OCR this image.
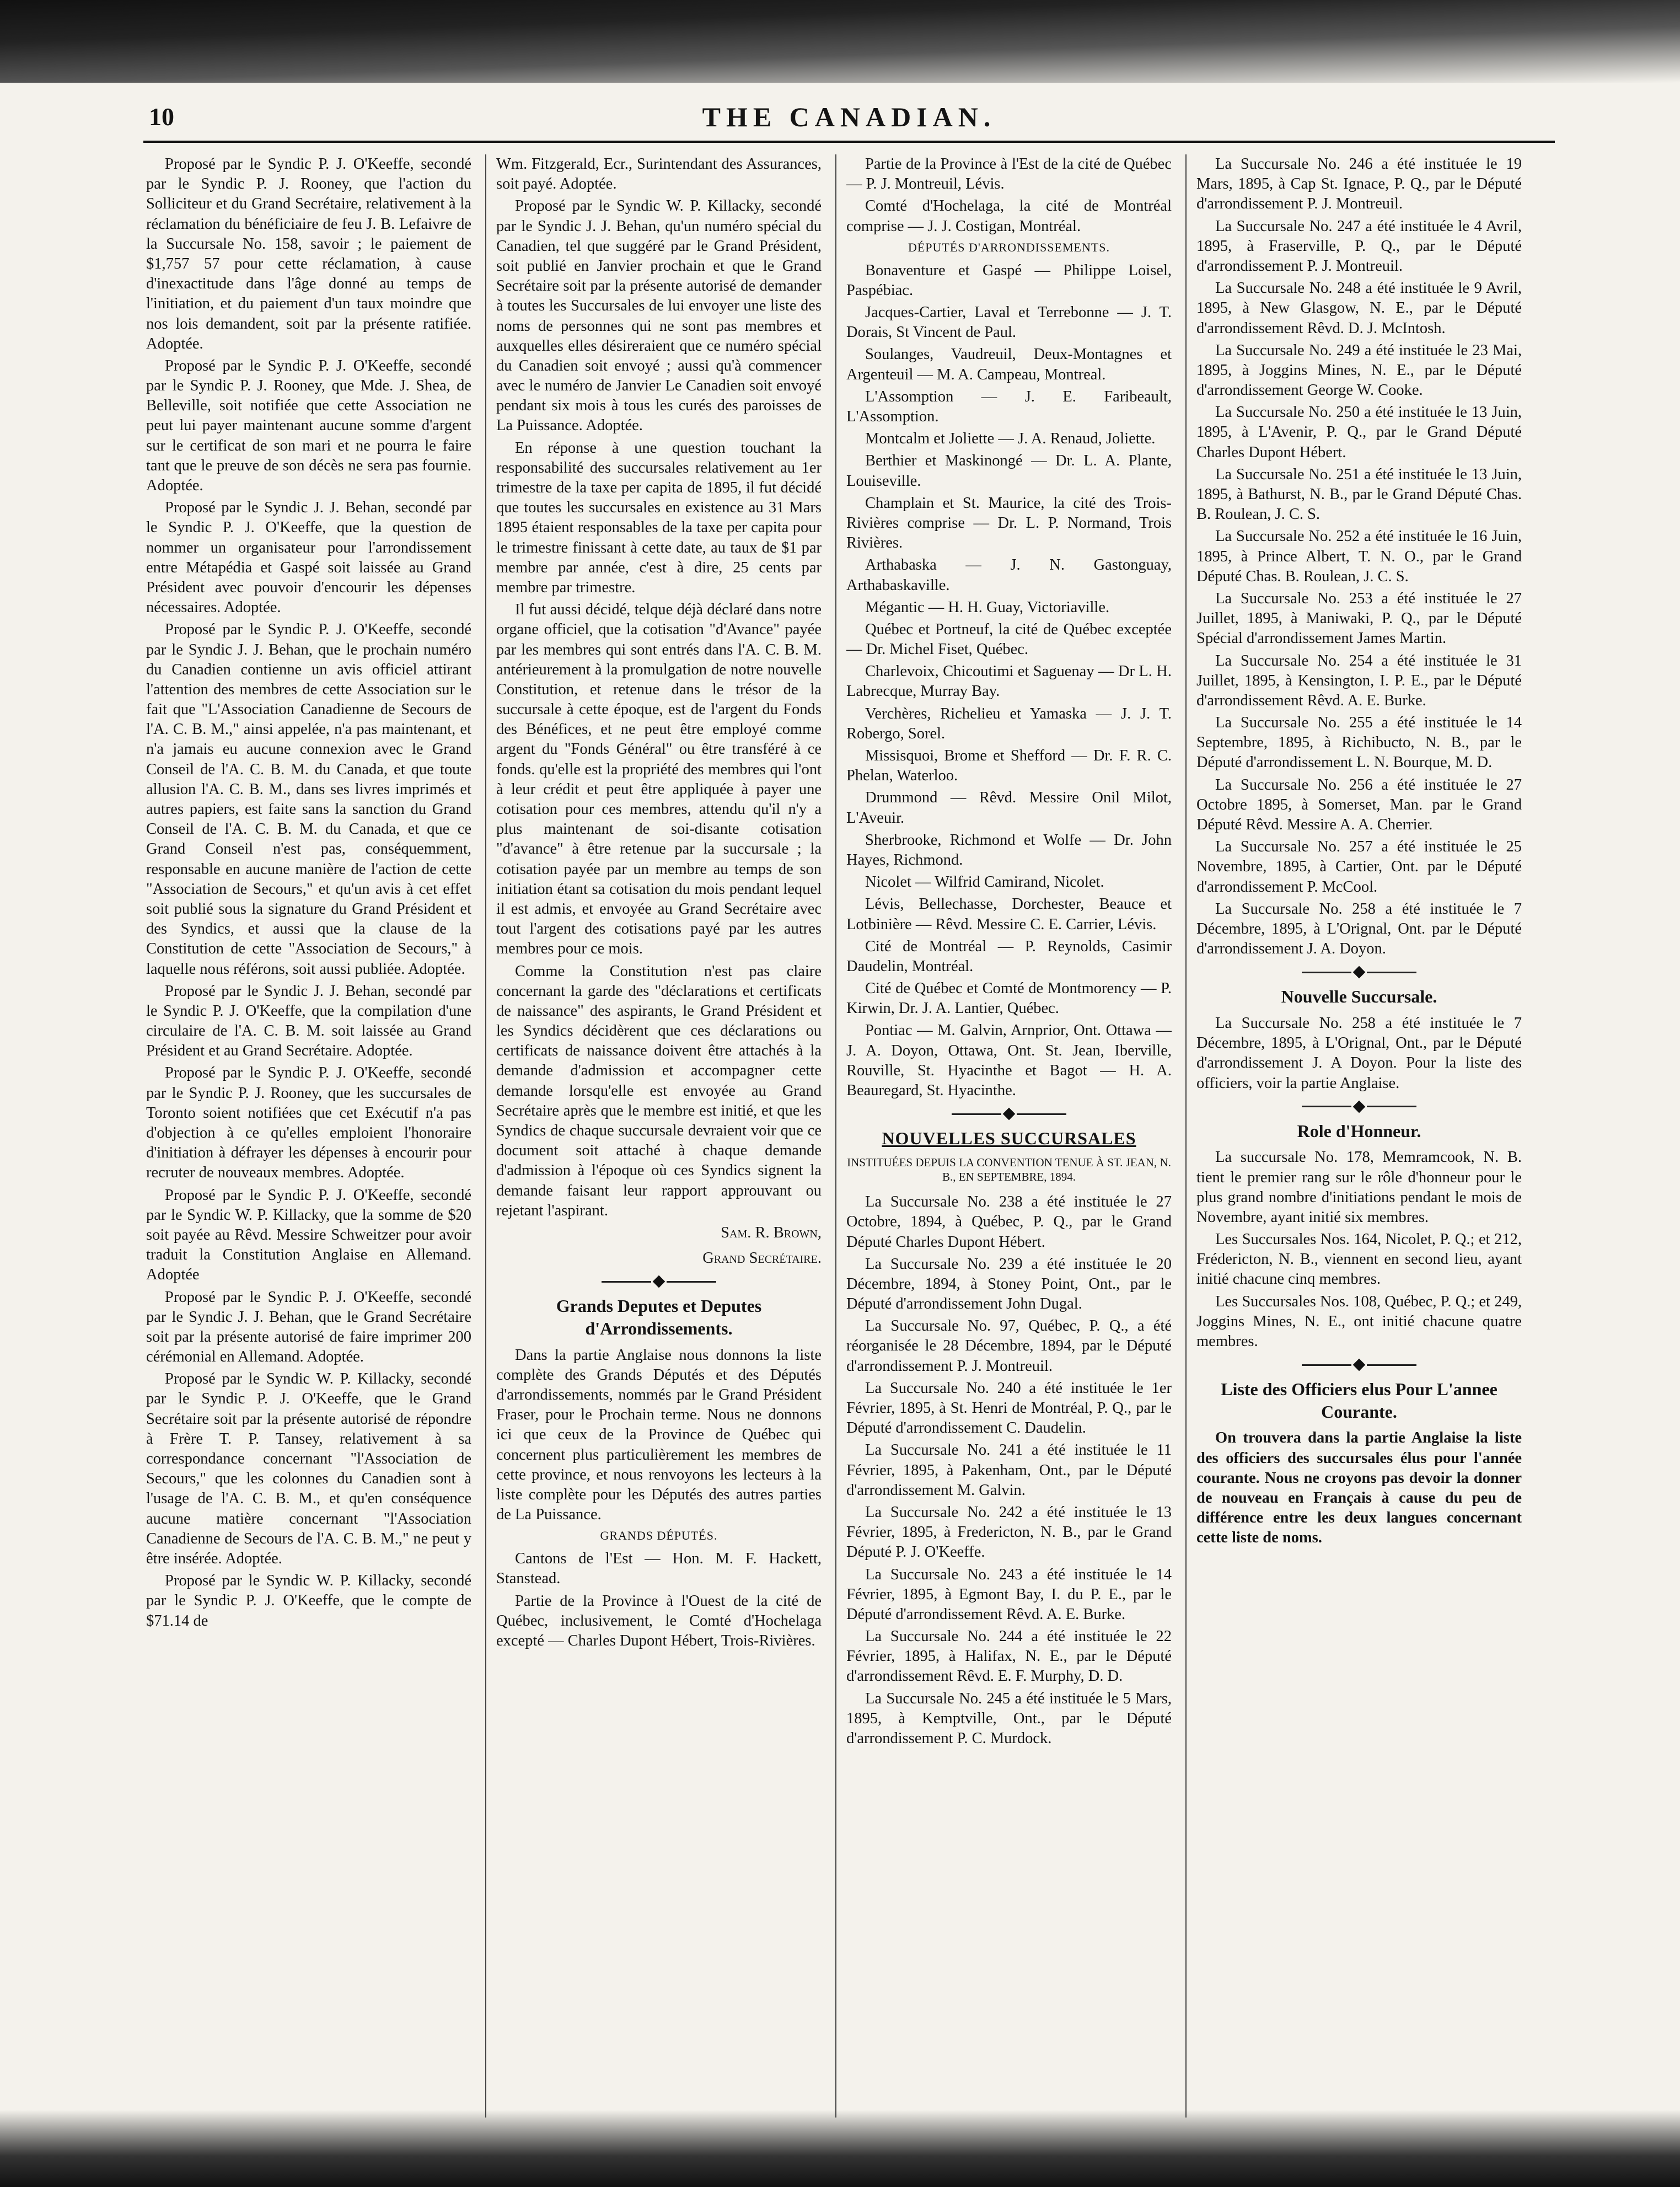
10	THE CANADIAN.

Proposé par le Syndic P. J. O'Keeffe, secondé par le Syndic P. J. Rooney, que l'action du Solliciteur et du Grand Secrétaire, relativement à la réclamation du bénéficiaire de feu J. B. Lefaivre de la Succursale No. 158, savoir ; le paiement de $1,757 57 pour cette réclamation, à cause d'inexactitude dans l'âge donné au temps de l'initiation, et du paiement d'un taux moindre que nos lois demandent, soit par la présente ratifiée. Adoptée.

Proposé par le Syndic P. J. O'Keeffe, secondé par le Syndic P. J. Rooney, que Mde. J. Shea, de Belleville, soit notifiée que cette Association ne peut lui payer maintenant aucune somme d'argent sur le certificat de son mari et ne pourra le faire tant que le preuve de son décès ne sera pas fournie. Adoptée.

Proposé par le Syndic J. J. Behan, secondé par le Syndic P. J. O'Keeffe, que la question de nommer un organisateur pour l'arrondissement entre Métapédia et Gaspé soit laissée au Grand Président avec pouvoir d'encourir les dépenses nécessaires. Adoptée.

Proposé par le Syndic P. J. O'Keeffe, secondé par le Syndic J. J. Behan, que le prochain numéro du Canadien contienne un avis officiel attirant l'attention des membres de cette Association sur le fait que "L'Association Canadienne de Secours de l'A. C. B. M.," ainsi appelée, n'a pas maintenant, et n'a jamais eu aucune connexion avec le Grand Conseil de l'A. C. B. M. du Canada, et que toute allusion l'A. C. B. M., dans ses livres imprimés et autres papiers, est faite sans la sanction du Grand Conseil de l'A. C. B. M. du Canada, et que ce Grand Conseil n'est pas, conséquemment, responsable en aucune manière de l'action de cette "Association de Secours," et qu'un avis à cet effet soit publié sous la signature du Grand Président et des Syndics, et aussi que la clause de la Constitution de cette "Association de Secours," à laquelle nous référons, soit aussi publiée. Adoptée.

Proposé par le Syndic J. J. Behan, secondé par le Syndic P. J. O'Keeffe, que la compilation d'une circulaire de l'A. C. B. M. soit laissée au Grand Président et au Grand Secrétaire. Adoptée.

Proposé par le Syndic P. J. O'Keeffe, secondé par le Syndic P. J. Rooney, que les succursales de Toronto soient notifiées que cet Exécutif n'a pas d'objection à ce qu'elles emploient l'honoraire d'initiation à défrayer les dépenses à encourir pour recruter de nouveaux membres. Adoptée.

Proposé par le Syndic P. J. O'Keeffe, secondé par le Syndic W. P. Killacky, que la somme de $20 soit payée au Rêvd. Messire Schweitzer pour avoir traduit la Constitution Anglaise en Allemand. Adoptée

Proposé par le Syndic P. J. O'Keeffe, secondé par le Syndic J. J. Behan, que le Grand Secrétaire soit par la présente autorisé de faire imprimer 200 cérémonial en Allemand. Adoptée.

Proposé par le Syndic W. P. Killacky, secondé par le Syndic P. J. O'Keeffe, que le Grand Secrétaire soit par la présente autorisé de répondre à Frère T. P. Tansey, relativement à sa correspondance concernant "l'Association de Secours," que les colonnes du Canadien sont à l'usage de l'A. C. B. M., et qu'en conséquence aucune matière concernant "l'Association Canadienne de Secours de l'A. C. B. M.," ne peut y être insérée. Adoptée.

Proposé par le Syndic W. P. Killacky, secondé par le Syndic P. J. O'Keeffe, que le compte de $71.14 de

Wm. Fitzgerald, Ecr., Surintendant des Assurances, soit payé. Adoptée.

Proposé par le Syndic W. P. Killacky, secondé par le Syndic J. J. Behan, qu'un numéro spécial du Canadien, tel que suggéré par le Grand Président, soit publié en Janvier prochain et que le Grand Secrétaire soit par la présente autorisé de demander à toutes les Succursales de lui envoyer une liste des noms de personnes qui ne sont pas membres et auxquelles elles désireraient que ce numéro spécial du Canadien soit envoyé ; aussi qu'à commencer avec le numéro de Janvier Le Canadien soit envoyé pendant six mois à tous les curés des paroisses de La Puissance. Adoptée.

En réponse à une question touchant la responsabilité des succursales relativement au 1er trimestre de la taxe per capita de 1895, il fut décidé que toutes les succursales en existence au 31 Mars 1895 étaient responsables de la taxe per capita pour le trimestre finissant à cette date, au taux de $1 par membre par année, c'est à dire, 25 cents par membre par trimestre.

Il fut aussi décidé, telque déjà déclaré dans notre organe officiel, que la cotisation "d'Avance" payée par les membres qui sont entrés dans l'A. C. B. M. antérieurement à la promulgation de notre nouvelle Constitution, et retenue dans le trésor de la succursale à cette époque, est de l'argent du Fonds des Bénéfices, et ne peut être employé comme argent du "Fonds Général" ou être transféré à ce fonds. qu'elle est la propriété des membres qui l'ont à leur crédit et peut être appliquée à payer une cotisation pour ces membres, attendu qu'il n'y a plus maintenant de soi-disante cotisation "d'avance" à être retenue par la succursale ; la cotisation payée par un membre au temps de son initiation étant sa cotisation du mois pendant lequel il est admis, et envoyée au Grand Secrétaire avec tout l'argent des cotisations payé par les autres membres pour ce mois.

Comme la Constitution n'est pas claire concernant la garde des "déclarations et certificats de naissance" des aspirants, le Grand Président et les Syndics décidèrent que ces déclarations ou certificats de naissance doivent être attachés à la demande d'admission et accompagner cette demande lorsqu'elle est envoyée au Grand Secrétaire après que le membre est initié, et que les Syndics de chaque succursale devraient voir que ce document soit attaché à chaque demande d'admission à l'époque où ces Syndics signent la demande faisant leur rapport approuvant ou rejetant l'aspirant.

Sam. R. Brown,
Grand Secrétaire.
Grands Deputes et Deputes d'Arrondissements.

Dans la partie Anglaise nous donnons la liste complète des Grands Députés et des Députés d'arrondissements, nommés par le Grand Président Fraser, pour le Prochain terme. Nous ne donnons ici que ceux de la Province de Québec qui concernent plus particulièrement les membres de cette province, et nous renvoyons les lecteurs à la liste complète pour les Députés des autres parties de La Puissance.

GRANDS DÉPUTÉS.

Cantons de l'Est — Hon. M. F. Hackett, Stanstead.

Partie de la Province à l'Ouest de la cité de Québec, inclusivement, le Comté d'Hochelaga excepté — Charles Dupont Hébert, Trois-Rivières.

Partie de la Province à l'Est de la cité de Québec — P. J. Montreuil, Lévis.

Comté d'Hochelaga, la cité de Montréal comprise — J. J. Costigan, Montréal.

DÉPUTÉS D'ARRONDISSEMENTS.

Bonaventure et Gaspé — Philippe Loisel, Paspébiac.

Jacques-Cartier, Laval et Terrebonne — J. T. Dorais, St Vincent de Paul.

Soulanges, Vaudreuil, Deux-Montagnes et Argenteuil — M. A. Campeau, Montreal.

L'Assomption — J. E. Faribeault, L'Assomption.

Montcalm et Joliette — J. A. Renaud, Joliette.

Berthier et Maskinongé — Dr. L. A. Plante, Louiseville.

Champlain et St. Maurice, la cité des Trois-Rivières comprise — Dr. L. P. Normand, Trois Rivières.

Arthabaska — J. N. Gastonguay, Arthabaskaville.

Mégantic — H. H. Guay, Victoriaville.

Québec et Portneuf, la cité de Québec exceptée — Dr. Michel Fiset, Québec.

Charlevoix, Chicoutimi et Saguenay — Dr L. H. Labrecque, Murray Bay.

Verchères, Richelieu et Yamaska — J. J. T. Robergo, Sorel.

Missisquoi, Brome et Shefford — Dr. F. R. C. Phelan, Waterloo.

Drummond — Rêvd. Messire Onil Milot, L'Aveuir.

Sherbrooke, Richmond et Wolfe — Dr. John Hayes, Richmond.

Nicolet — Wilfrid Camirand, Nicolet.

Lévis, Bellechasse, Dorchester, Beauce et Lotbinière — Rêvd. Messire C. E. Carrier, Lévis.

Cité de Montréal — P. Reynolds, Casimir Daudelin, Montréal.

Cité de Québec et Comté de Montmorency — P. Kirwin, Dr. J. A. Lantier, Québec.

Pontiac — M. Galvin, Arnprior, Ont. Ottawa — J. A. Doyon, Ottawa, Ont. St. Jean, Iberville, Rouville, St. Hyacinthe et Bagot — H. A. Beauregard, St. Hyacinthe.

NOUVELLES SUCCURSALES
INSTITUÉES DEPUIS LA CONVENTION TENUE À ST. JEAN, N. B., EN SEPTEMBRE, 1894.

La Succursale No. 238 a été instituée le 27 Octobre, 1894, à Québec, P. Q., par le Grand Député Charles Dupont Hébert.

La Succursale No. 239 a été instituée le 20 Décembre, 1894, à Stoney Point, Ont., par le Député d'arrondissement John Dugal.

La Succursale No. 97, Québec, P. Q., a été réorganisée le 28 Décembre, 1894, par le Député d'arrondissement P. J. Montreuil.

La Succursale No. 240 a été instituée le 1er Février, 1895, à St. Henri de Montréal, P. Q., par le Député d'arrondissement C. Daudelin.

La Succursale No. 241 a été instituée le 11 Février, 1895, à Pakenham, Ont., par le Député d'arrondissement M. Galvin.

La Succursale No. 242 a été instituée le 13 Février, 1895, à Fredericton, N. B., par le Grand Député P. J. O'Keeffe.

La Succursale No. 243 a été instituée le 14 Février, 1895, à Egmont Bay, I. du P. E., par le Député d'arrondissement Rêvd. A. E. Burke.

La Succursale No. 244 a été instituée le 22 Février, 1895, à Halifax, N. E., par le Député d'arrondissement Rêvd. E. F. Murphy, D. D.

La Succursale No. 245 a été instituée le 5 Mars, 1895, à Kemptville, Ont., par le Député d'arrondissement P. C. Murdock.

La Succursale No. 246 a été instituée le 19 Mars, 1895, à Cap St. Ignace, P. Q., par le Député d'arrondissement P. J. Montreuil.

La Succursale No. 247 a été instituée le 4 Avril, 1895, à Fraserville, P. Q., par le Député d'arrondissement P. J. Montreuil.

La Succursale No. 248 a été instituée le 9 Avril, 1895, à New Glasgow, N. E., par le Député d'arrondissement Rêvd. D. J. McIntosh.

La Succursale No. 249 a été instituée le 23 Mai, 1895, à Joggins Mines, N. E., par le Député d'arrondissement George W. Cooke.

La Succursale No. 250 a été instituée le 13 Juin, 1895, à L'Avenir, P. Q., par le Grand Député Charles Dupont Hébert.

La Succursale No. 251 a été instituée le 13 Juin, 1895, à Bathurst, N. B., par le Grand Député Chas. B. Roulean, J. C. S.

La Succursale No. 252 a été instituée le 16 Juin, 1895, à Prince Albert, T. N. O., par le Grand Député Chas. B. Roulean, J. C. S.

La Succursale No. 253 a été instituée le 27 Juillet, 1895, à Maniwaki, P. Q., par le Député Spécial d'arrondissement James Martin.

La Succursale No. 254 a été instituée le 31 Juillet, 1895, à Kensington, I. P. E., par le Député d'arrondissement Rêvd. A. E. Burke.

La Succursale No. 255 a été instituée le 14 Septembre, 1895, à Richibucto, N. B., par le Député d'arrondissement L. N. Bourque, M. D.

La Succursale No. 256 a été instituée le 27 Octobre 1895, à Somerset, Man. par le Grand Député Rêvd. Messire A. A. Cherrier.

La Succursale No. 257 a été instituée le 25 Novembre, 1895, à Cartier, Ont. par le Député d'arrondissement P. McCool.

La Succursale No. 258 a été instituée le 7 Décembre, 1895, à L'Orignal, Ont. par le Député d'arrondissement J. A. Doyon.

Nouvelle Succursale.

La Succursale No. 258 a été instituée le 7 Décembre, 1895, à L'Orignal, Ont., par le Député d'arrondissement J. A Doyon. Pour la liste des officiers, voir la partie Anglaise.

Role d'Honneur.

La succursale No. 178, Memramcook, N. B. tient le premier rang sur le rôle d'honneur pour le plus grand nombre d'initiations pendant le mois de Novembre, ayant initié six membres.

Les Succursales Nos. 164, Nicolet, P. Q.; et 212, Frédericton, N. B., viennent en second lieu, ayant initié chacune cinq membres.

Les Succursales Nos. 108, Québec, P. Q.; et 249, Joggins Mines, N. E., ont initié chacune quatre membres.

Liste des Officiers elus Pour L'annee Courante.

On trouvera dans la partie Anglaise la liste des officiers des succursales élus pour l'année courante. Nous ne croyons pas devoir la donner de nouveau en Français à cause du peu de différence entre les deux langues concernant cette liste de noms.
